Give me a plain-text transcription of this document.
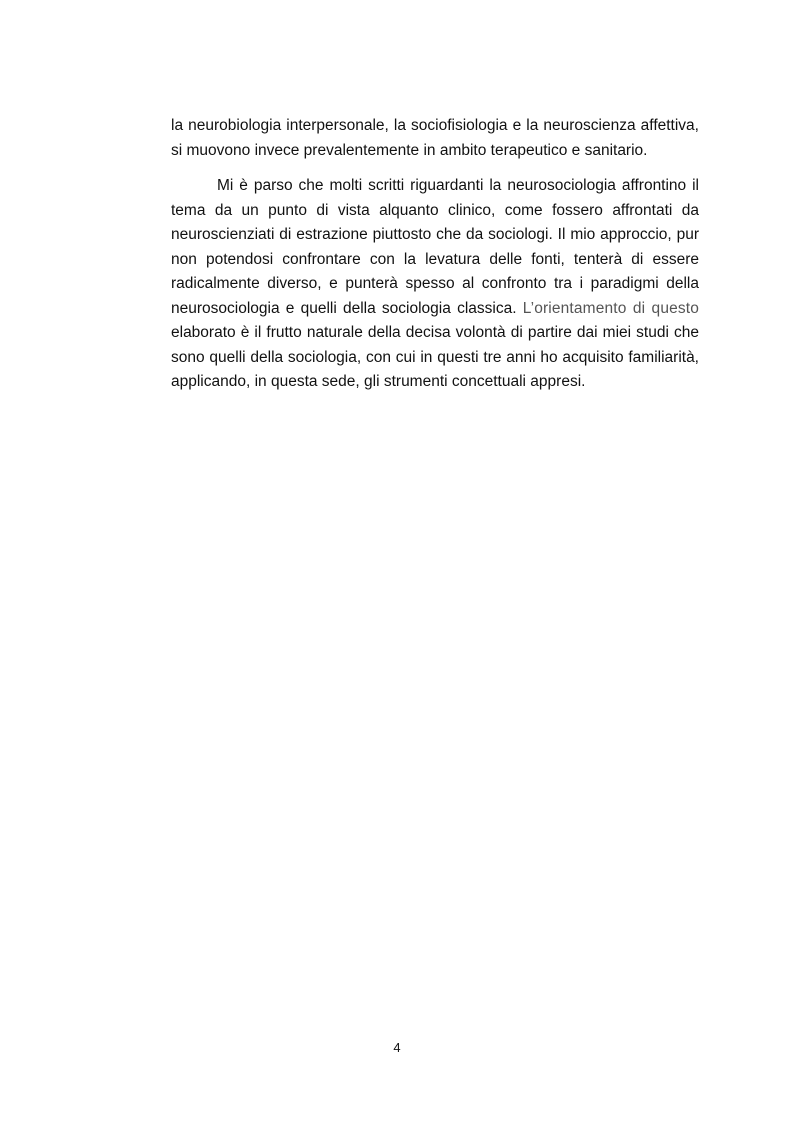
la neurobiologia interpersonale, la sociofisiologia e la neuroscienza affettiva, si muovono invece prevalentemente in ambito terapeutico e sanitario.

Mi è parso che molti scritti riguardanti la neurosociologia affrontino il tema da un punto di vista alquanto clinico, come fossero affrontati da neuroscienziati di estrazione piuttosto che da sociologi. Il mio approccio, pur non potendosi confrontare con la levatura delle fonti, tenterà di essere radicalmente diverso, e punterà spesso al confronto tra i paradigmi della neurosociologia e quelli della sociologia classica. L’orientamento di questo elaborato è il frutto naturale della decisa volontà di partire dai miei studi che sono quelli della sociologia, con cui in questi tre anni ho acquisito familiarità, applicando, in questa sede, gli strumenti concettuali appresi.

4
